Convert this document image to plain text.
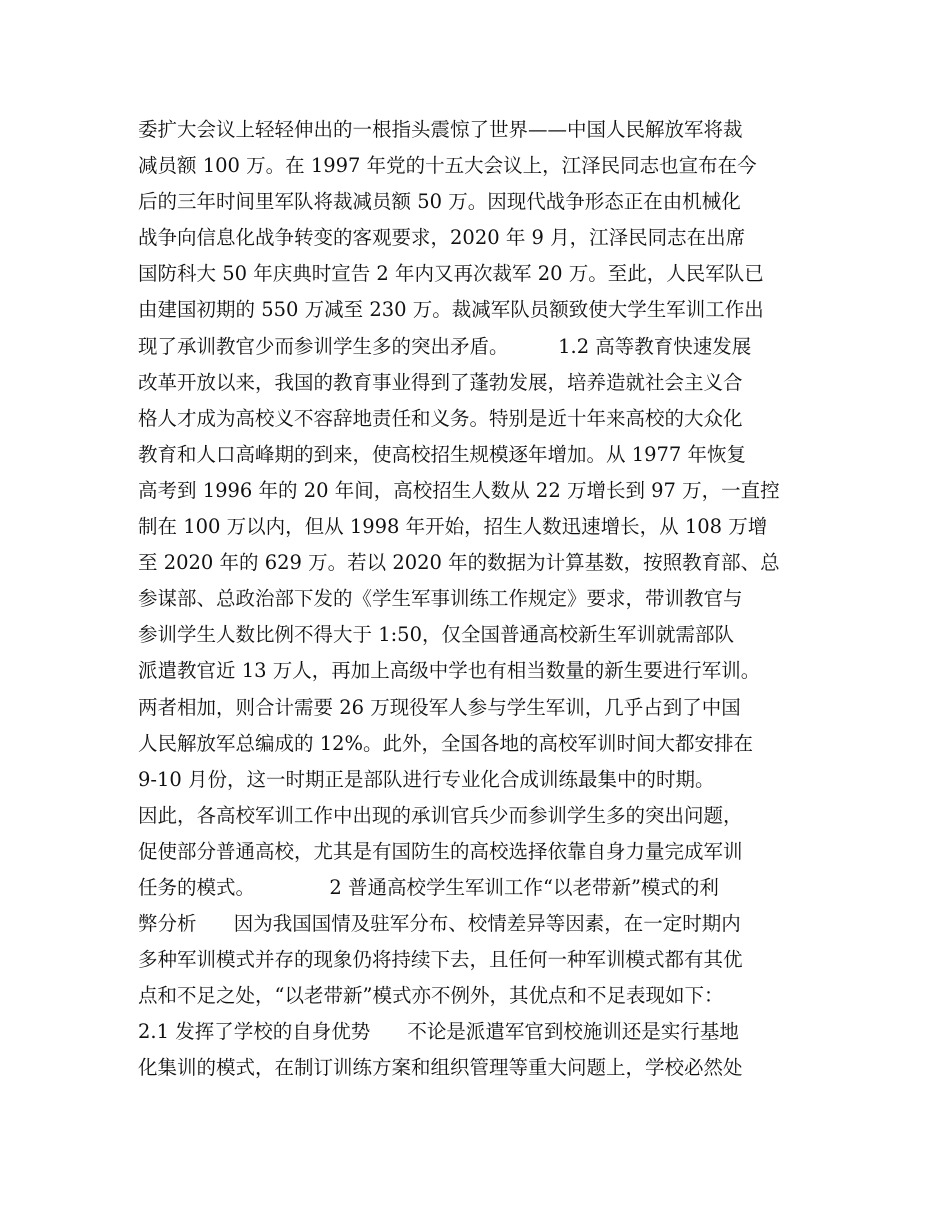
委扩大会议上轻轻伸出的一根指头震惊了世界——中国人民解放军将裁
减员额 100 万。在 1997 年党的十五大会议上，江泽民同志也宣布在今
后的三年时间里军队将裁减员额 50 万。因现代战争形态正在由机械化
战争向信息化战争转变的客观要求，2020 年 9 月，江泽民同志在出席
国防科大 50 年庆典时宣告 2 年内又再次裁军 20 万。至此，人民军队已
由建国初期的 550 万减至 230 万。裁减军队员额致使大学生军训工作出
现了承训教官少而参训学生多的突出矛盾。        1.2 高等教育快速发展
改革开放以来，我国的教育事业得到了蓬勃发展，培养造就社会主义合
格人才成为高校义不容辞地责任和义务。特别是近十年来高校的大众化
教育和人口高峰期的到来，使高校招生规模逐年增加。从 1977 年恢复
高考到 1996 年的 20 年间，高校招生人数从 22 万增长到 97 万，一直控
制在 100 万以内，但从 1998 年开始，招生人数迅速增长，从 108 万增
至 2020 年的 629 万。若以 2020 年的数据为计算基数，按照教育部、总
参谋部、总政治部下发的《学生军事训练工作规定》要求，带训教官与
参训学生人数比例不得大于 1:50，仅全国普通高校新生军训就需部队
派遣教官近 13 万人，再加上高级中学也有相当数量的新生要进行军训。
两者相加，则合计需要 26 万现役军人参与学生军训，几乎占到了中国
人民解放军总编成的 12%。此外，全国各地的高校军训时间大都安排在
9-10 月份，这一时期正是部队进行专业化合成训练最集中的时期。
因此，各高校军训工作中出现的承训官兵少而参训学生多的突出问题，
促使部分普通高校，尤其是有国防生的高校选择依靠自身力量完成军训
任务的模式。            2 普通高校学生军训工作“以老带新”模式的利
弊分析      因为我国国情及驻军分布、校情差异等因素，在一定时期内
多种军训模式并存的现象仍将持续下去，且任何一种军训模式都有其优
点和不足之处，“以老带新”模式亦不例外，其优点和不足表现如下：
2.1 发挥了学校的自身优势      不论是派遣军官到校施训还是实行基地
化集训的模式，在制订训练方案和组织管理等重大问题上，学校必然处
